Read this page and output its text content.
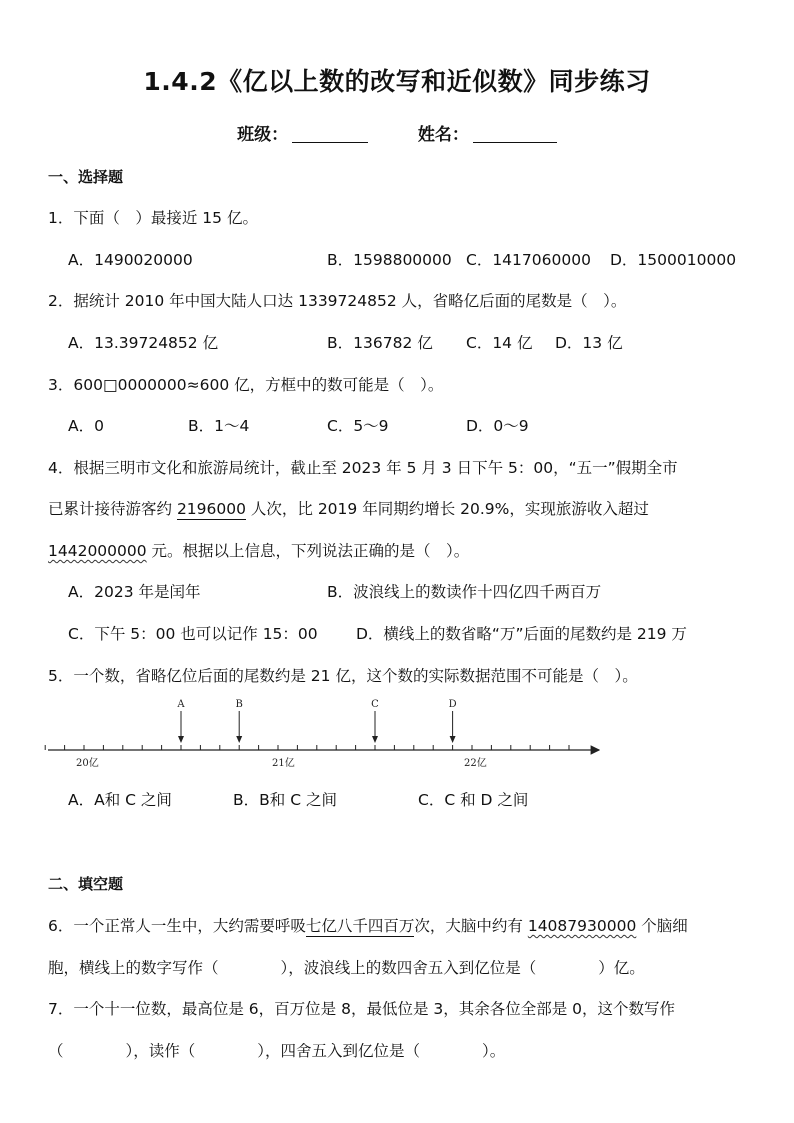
1.4.2《亿以上数的改写和近似数》同步练习
班级：	姓名：
一、选择题
1．下面（　）最接近 15 亿。
A．1490020000	B．1598800000 C．1417060000 D．1500010000
2．据统计 2010 年中国大陆人口达 1339724852 人，省略亿后面的尾数是（　）。
A．13.39724852 亿	B．136782 亿 C．14 亿 D．13 亿
3．600□0000000≈600 亿，方框中的数可能是（　）。
A．0	B．1～4	C．5～9	D．0～9
4．根据三明市文化和旅游局统计，截止至 2023 年 5 月 3 日下午 5：00，“五一”假期全市
已累计接待游客约 2196000 人次，比 2019 年同期约增长 20.9%，实现旅游收入超过
1442000000 元。根据以上信息，下列说法正确的是（　）。
A．2023 年是闰年	B．波浪线上的数读作十四亿四千两百万
C．下午 5：00 也可以记作 15：00 D．横线上的数省略“万”后面的尾数约是 219 万
5．一个数，省略亿位后面的尾数约是 21 亿，这个数的实际数据范围不可能是（　）。
A	B	C	D
20亿	21亿	22亿
A．A和 C 之间	B．B和 C 之间	C．C 和 D 之间
二、填空题
6．一个正常人一生中，大约需要呼吸七亿八千四百万次，大脑中约有 14087930000 个脑细
胞，横线上的数字写作（　　　　），波浪线上的数四舍五入到亿位是（　　　　）亿。
7．一个十一位数，最高位是 6，百万位是 8，最低位是 3，其余各位全部是 0，这个数写作
（　　　　），读作（　　　　），四舍五入到亿位是（　　　　）。
